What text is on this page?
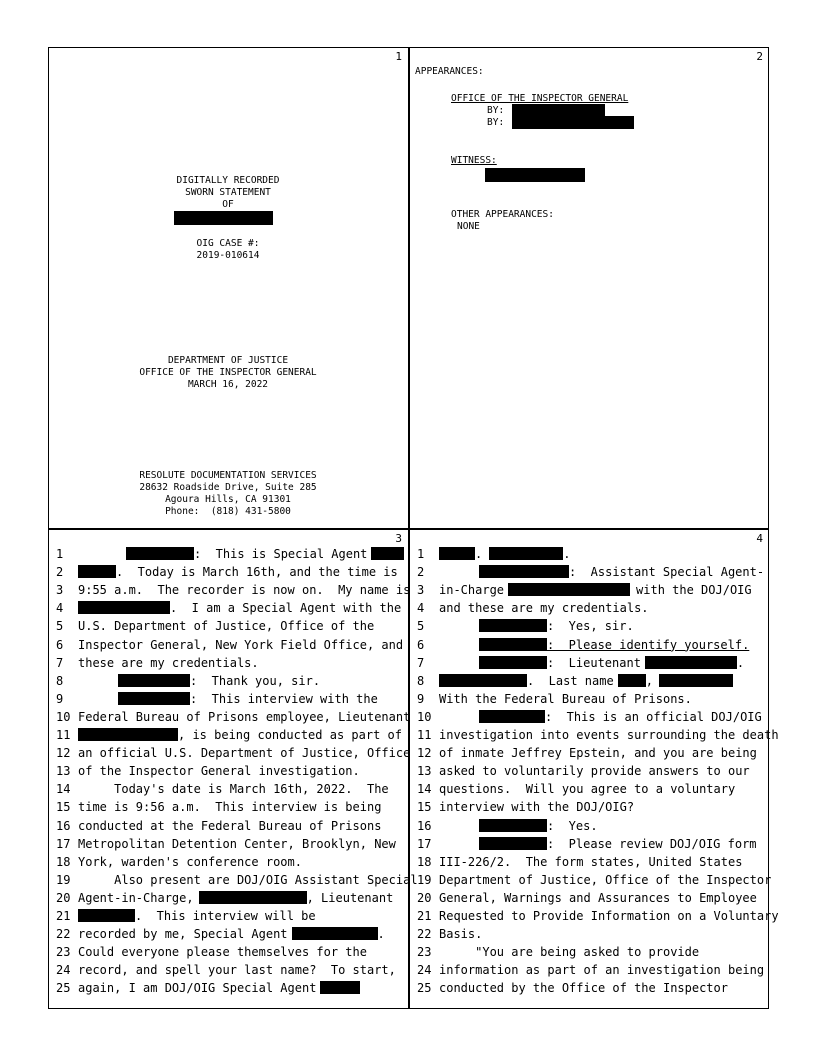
1
DIGITALLY RECORDED
SWORN STATEMENT
OF
OIG CASE #:
2019-010614
DEPARTMENT OF JUSTICE
OFFICE OF THE INSPECTOR GENERAL
MARCH 16, 2022
RESOLUTE DOCUMENTATION SERVICES
28632 Roadside Drive, Suite 285
Agoura Hills, CA 91301
Phone:  (818) 431-5800
2
APPEARANCES:
OFFICE OF THE INSPECTOR GENERAL
BY:
BY:
WITNESS:
OTHER APPEARANCES:
NONE
3
1	:  This is Special Agent
2	.  Today is March 16th, and the time is
3 9:55 a.m.  The recorder is now on.  My name is
4	.  I am a Special Agent with the
5 U.S. Department of Justice, Office of the
6 Inspector General, New York Field Office, and
7 these are my credentials.
8	:  Thank you, sir.
9	:  This interview with the
10 Federal Bureau of Prisons employee, Lieutenant
11	, is being conducted as part of
12 an official U.S. Department of Justice, Office
13 of the Inspector General investigation.
14     Today's date is March 16th, 2022.  The
15 time is 9:56 a.m.  This interview is being
16 conducted at the Federal Bureau of Prisons
17 Metropolitan Detention Center, Brooklyn, New
18 York, warden's conference room.
19     Also present are DOJ/OIG Assistant Special
20 Agent-in-Charge,	, Lieutenant
21	.  This interview will be
22 recorded by me, Special Agent	.
23 Could everyone please themselves for the
24 record, and spell your last name?  To start,
25 again, I am DOJ/OIG Special Agent
4
1	.	.
2	:  Assistant Special Agent-
3 in-Charge	with the DOJ/OIG
4 and these are my credentials.
5	:  Yes, sir.
6	:  Please identify yourself.
7	:  Lieutenant	.
8	.  Last name	,
9 With the Federal Bureau of Prisons.
10	:  This is an official DOJ/OIG
11 investigation into events surrounding the death
12 of inmate Jeffrey Epstein, and you are being
13 asked to voluntarily provide answers to our
14 questions.  Will you agree to a voluntary
15 interview with the DOJ/OIG?
16	:  Yes.
17	:  Please review DOJ/OIG form
18 III-226/2.  The form states, United States
19 Department of Justice, Office of the Inspector
20 General, Warnings and Assurances to Employee
21 Requested to Provide Information on a Voluntary
22 Basis.
23     "You are being asked to provide
24 information as part of an investigation being
25 conducted by the Office of the Inspector
